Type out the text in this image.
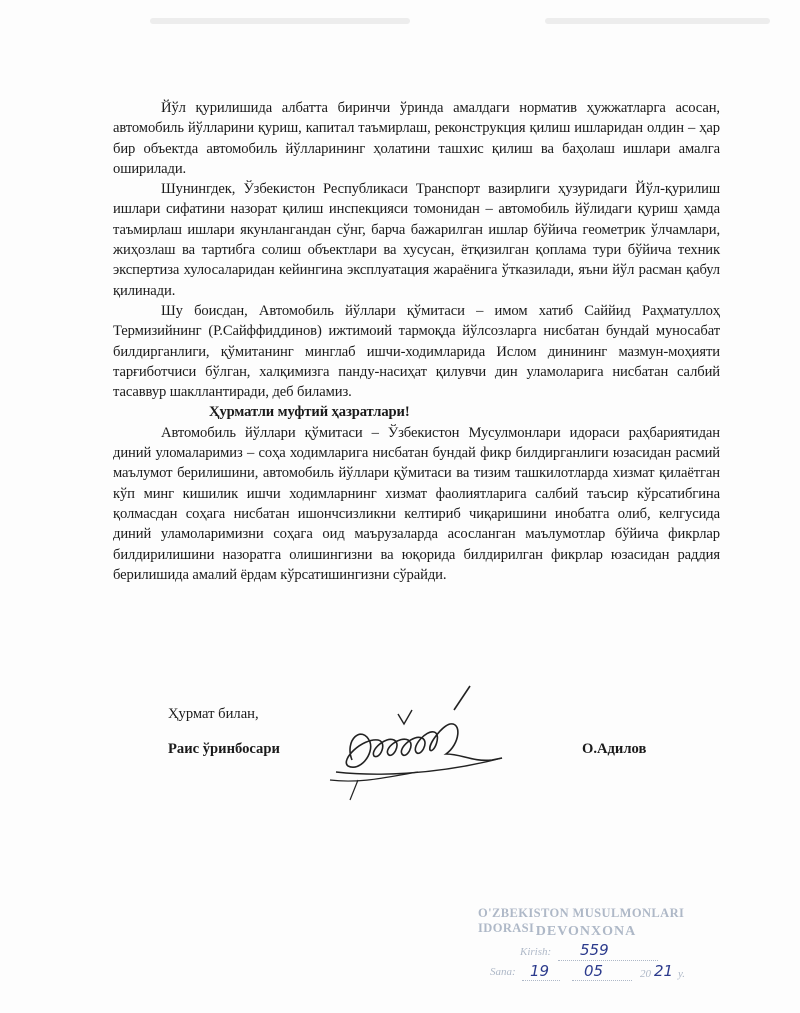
Йўл қурилишида албатта биринчи ўринда амалдаги норматив ҳужжатларга асосан, автомобиль йўлларини қуриш, капитал таъмирлаш, реконструкция қилиш ишларидан олдин – ҳар бир объектда автомобиль йўлларининг ҳолатини ташхис қилиш ва баҳолаш ишлари амалга оширилади.

Шунингдек, Ўзбекистон Республикаси Транспорт вазирлиги ҳузуридаги Йўл-қурилиш ишлари сифатини назорат қилиш инспекцияси томонидан – автомобиль йўлидаги қуриш ҳамда таъмирлаш ишлари якунлангандан сўнг, барча бажарилган ишлар бўйича геометрик ўлчамлари, жиҳозлаш ва тартибга солиш объектлари ва хусусан, ётқизилган қоплама тури бўйича техник экспертиза хулосаларидан кейингина эксплуатация жараёнига ўтказилади, яъни йўл расман қабул қилинади.

Шу боисдан, Автомобиль йўллари қўмитаси – имом хатиб Саййид Раҳматуллоҳ Термизийнинг (Р.Сайффиддинов) ижтимоий тармоқда йўлсозларга нисбатан бундай муносабат билдирганлиги, қўмитанинг минглаб ишчи-ходимларида Ислом динининг мазмун-моҳияти тарғиботчиси бўлган, халқимизга панду-насиҳат қилувчи дин уламоларига нисбатан салбий тасаввур шакллантиради, деб биламиз.

Ҳурматли муфтий ҳазратлари!

Автомобиль йўллари қўмитаси – Ўзбекистон Мусулмонлари идораси раҳбариятидан диний уломаларимиз – соҳа ходимларига нисбатан бундай фикр билдирганлиги юзасидан расмий маълумот берилишини, автомобиль йўллари қўмитаси ва тизим ташкилотларда хизмат қилаётган кўп минг кишилик ишчи ходимларнинг хизмат фаолиятларига салбий таъсир кўрсатибгина қолмасдан соҳага нисбатан ишончсизликни келтириб чиқаришини инобатга олиб, келгусида диний уламоларимизни соҳага оид маърузаларда асосланган маълумотлар бўйича фикрлар билдирилишини назоратга олишингизни ва юқорида билдирилган фикрлар юзасидан раддия берилишида амалий ёрдам кўрсатишингизни сўрайди.

Ҳурмат билан,
Раис ўринбосари	О.Адилов
O'ZBEKISTON MUSULMONLARI IDORASI DEVONXONA
Kirish: 559
Sana: 19 05	20 21 y.
